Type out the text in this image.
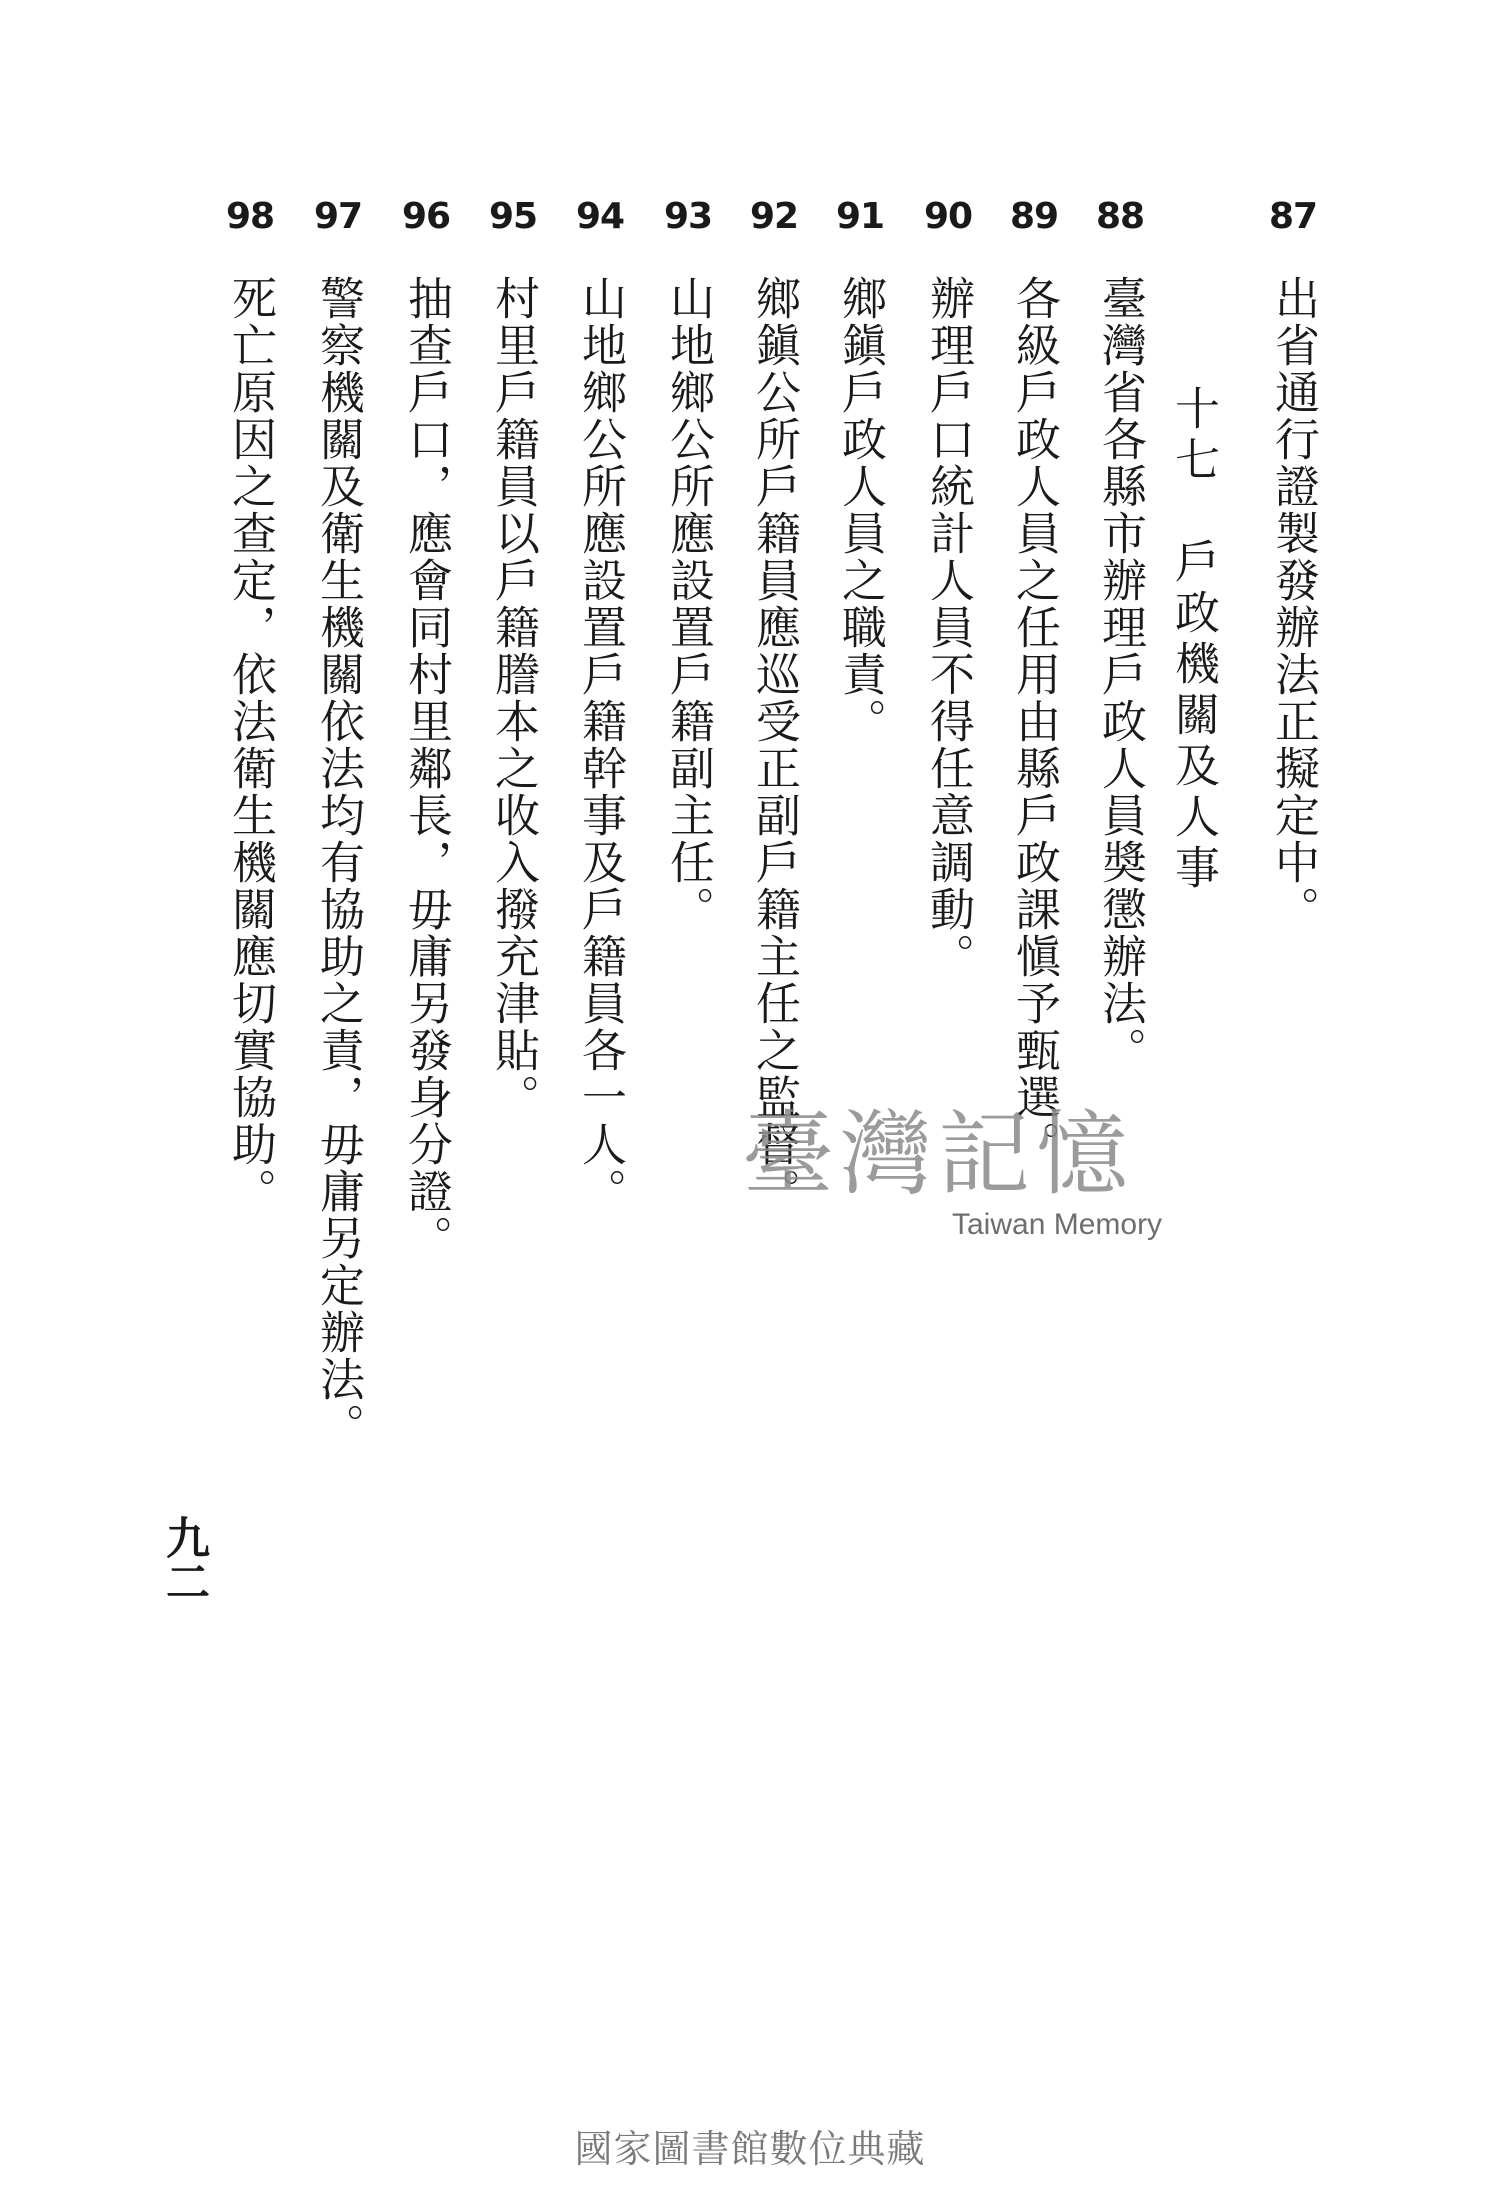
87
出省通行證製發辦法正擬定中。
十七　戶政機關及人事
88
臺灣省各縣市辦理戶政人員奬懲辦法。
89
各級戶政人員之任用由縣戶政課愼予甄選。
90
辦理戶口統計人員不得任意調動。
91
鄉鎭戶政人員之職責。
92
鄉鎭公所戶籍員應巡受正副戶籍主任之監督。
93
山地鄉公所應設置戶籍副主任。
94
山地鄉公所應設置戶籍幹事及戶籍員各一人。
95
村里戶籍員以戶籍謄本之收入撥充津貼。
96
抽查戶口，應會同村里鄰長，毋庸另發身分證。
97
警察機關及衛生機關依法均有協助之責，毋庸另定辦法。
98
死亡原因之查定，依法衛生機關應切實協助。
九二
臺灣記憶
Taiwan Memory
國家圖書館數位典藏
